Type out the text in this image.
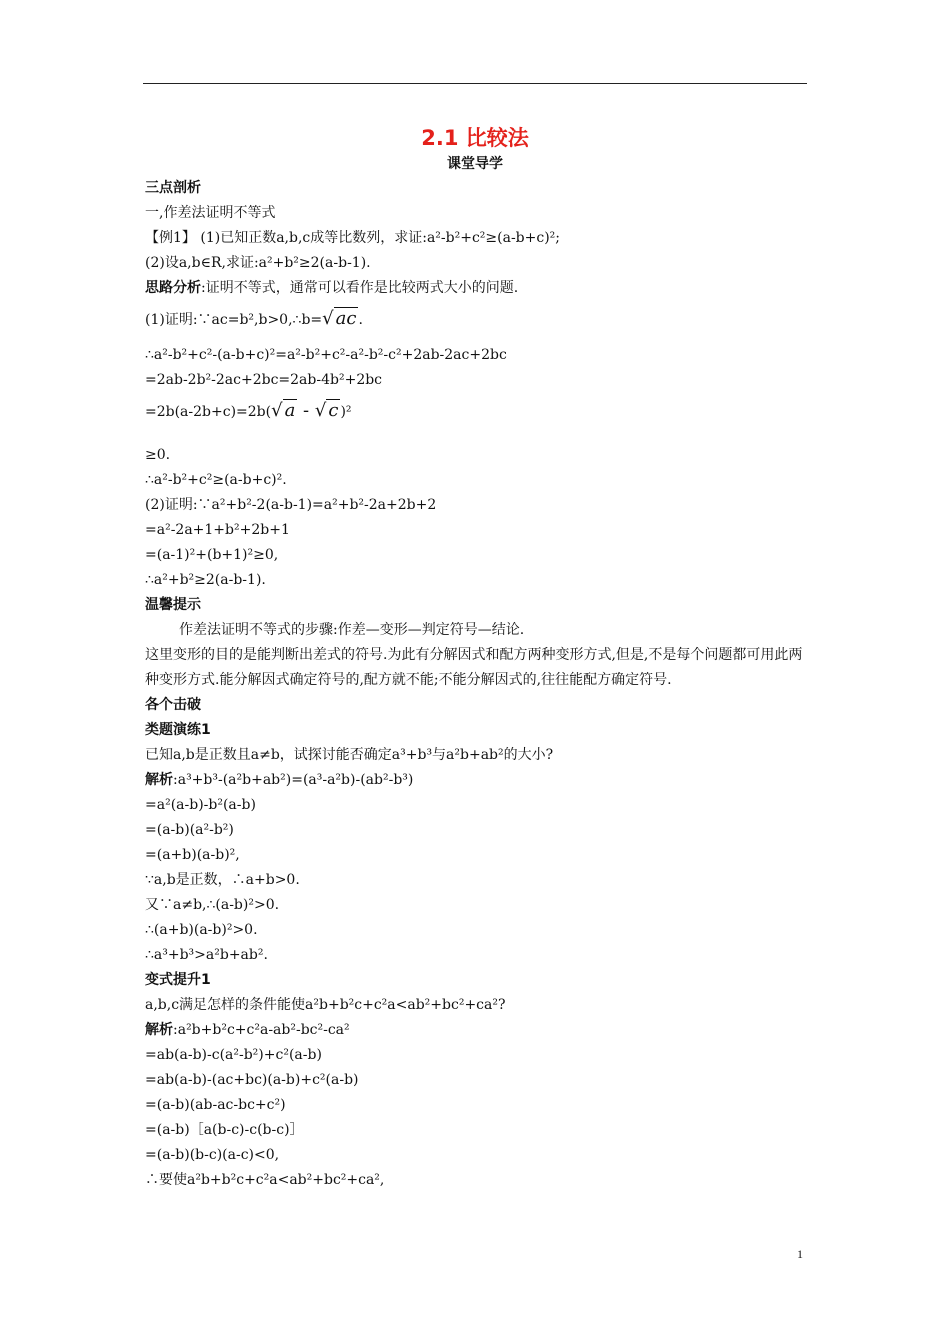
2.1 比较法
课堂导学
三点剖析
一,作差法证明不等式
【例1】 (1)已知正数a,b,c成等比数列，求证:a²-b²+c²≥(a-b+c)²;
(2)设a,b∈R,求证:a²+b²≥2(a-b-1).
思路分析:证明不等式，通常可以看作是比较两式大小的问题.
(1)证明:∵ac=b²,b>0,∴b=√ ac .
∴a²-b²+c²-(a-b+c)²=a²-b²+c²-a²-b²-c²+2ab-2ac+2bc
=2ab-2b²-2ac+2bc=2ab-4b²+2bc
=2b(a-2b+c)=2b(√ a - √ c )²
≥0.
∴a²-b²+c²≥(a-b+c)².
(2)证明:∵a²+b²-2(a-b-1)=a²+b²-2a+2b+2
=a²-2a+1+b²+2b+1
=(a-1)²+(b+1)²≥0,
∴a²+b²≥2(a-b-1).
温馨提示
作差法证明不等式的步骤:作差—变形—判定符号—结论.
这里变形的目的是能判断出差式的符号.为此有分解因式和配方两种变形方式,但是,不是每个问题都可用此两种变形方式.能分解因式确定符号的,配方就不能;不能分解因式的,往往能配方确定符号.
各个击破
类题演练1
已知a,b是正数且a≠b，试探讨能否确定a³+b³与a²b+ab²的大小?
解析:a³+b³-(a²b+ab²)=(a³-a²b)-(ab²-b³)
=a²(a-b)-b²(a-b)
=(a-b)(a²-b²)
=(a+b)(a-b)²,
∵a,b是正数，∴a+b>0.
又∵a≠b,∴(a-b)²>0.
∴(a+b)(a-b)²>0.
∴a³+b³>a²b+ab².
变式提升1
a,b,c满足怎样的条件能使a²b+b²c+c²a<ab²+bc²+ca²?
解析:a²b+b²c+c²a-ab²-bc²-ca²
=ab(a-b)-c(a²-b²)+c²(a-b)
=ab(a-b)-(ac+bc)(a-b)+c²(a-b)
=(a-b)(ab-ac-bc+c²)
=(a-b)［a(b-c)-c(b-c)］
=(a-b)(b-c)(a-c)<0,
∴要使a²b+b²c+c²a<ab²+bc²+ca²,
1
